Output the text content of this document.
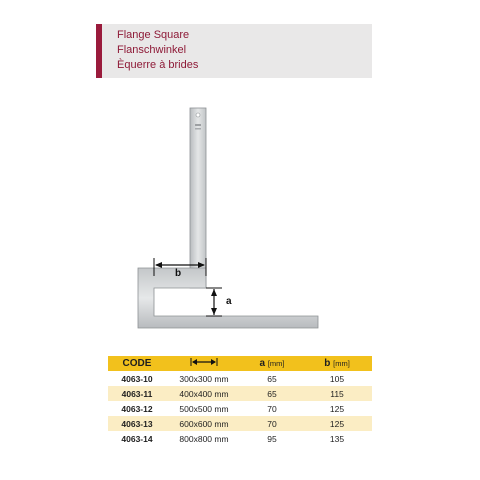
Flange Square
Flanschwinkel
Èquerre à brides
b
a
CODE		a [mm]	b [mm]
4063-10	300x300 mm	65	105
4063-11	400x400 mm	65	115
4063-12	500x500 mm	70	125
4063-13	600x600 mm	70	125
4063-14	800x800 mm	95	135
